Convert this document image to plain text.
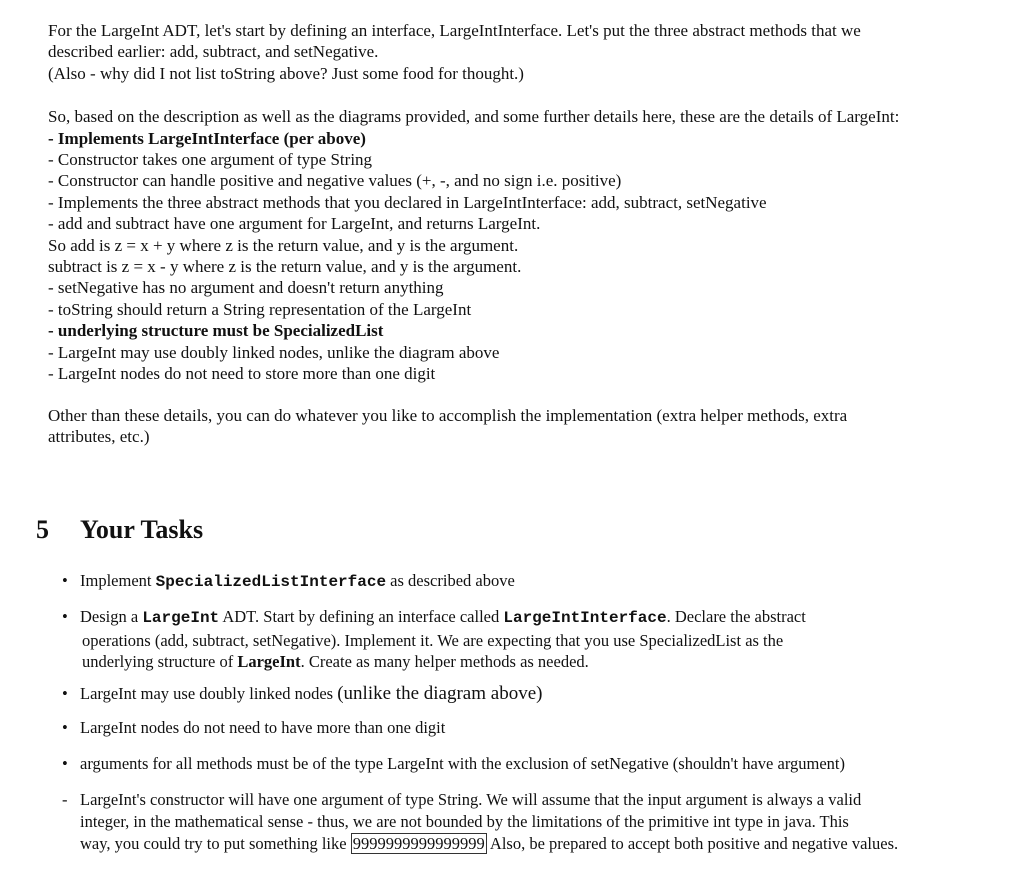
For the LargeInt ADT, let's start by defining an interface, LargeIntInterface. Let's put the three abstract methods that we

described earlier: add, subtract, and setNegative.

(Also - why did I not list toString above? Just some food for thought.)

So, based on the description as well as the diagrams provided, and some further details here, these are the details of LargeInt:

- Implements LargeIntInterface (per above)

- Constructor takes one argument of type String

- Constructor can handle positive and negative values (+, -, and no sign i.e. positive)

- Implements the three abstract methods that you declared in LargeIntInterface: add, subtract, setNegative

- add and subtract have one argument for LargeInt, and returns LargeInt.

So add is z = x + y where z is the return value, and y is the argument.

subtract is z = x - y where z is the return value, and y is the argument.

- setNegative has no argument and doesn't return anything

- toString should return a String representation of the LargeInt

- underlying structure must be SpecializedList

- LargeInt may use doubly linked nodes, unlike the diagram above

- LargeInt nodes do not need to store more than one digit

Other than these details, you can do whatever you like to accomplish the implementation (extra helper methods, extra

attributes, etc.)

5 Your Tasks
• Implement SpecializedListInterface as described above
• Design a LargeInt ADT. Start by defining an interface called LargeIntInterface. Declare the abstract
operations (add, subtract, setNegative). Implement it. We are expecting that you use SpecializedList as the
underlying structure of LargeInt. Create as many helper methods as needed.
• LargeInt may use doubly linked nodes (unlike the diagram above)
• LargeInt nodes do not need to have more than one digit
• arguments for all methods must be of the type LargeInt with the exclusion of setNegative (shouldn't have argument)
- LargeInt's constructor will have one argument of type String. We will assume that the input argument is always a valid
integer, in the mathematical sense - thus, we are not bounded by the limitations of the primitive int type in java. This
way, you could try to put something like 9999999999999999 Also, be prepared to accept both positive and negative values.
